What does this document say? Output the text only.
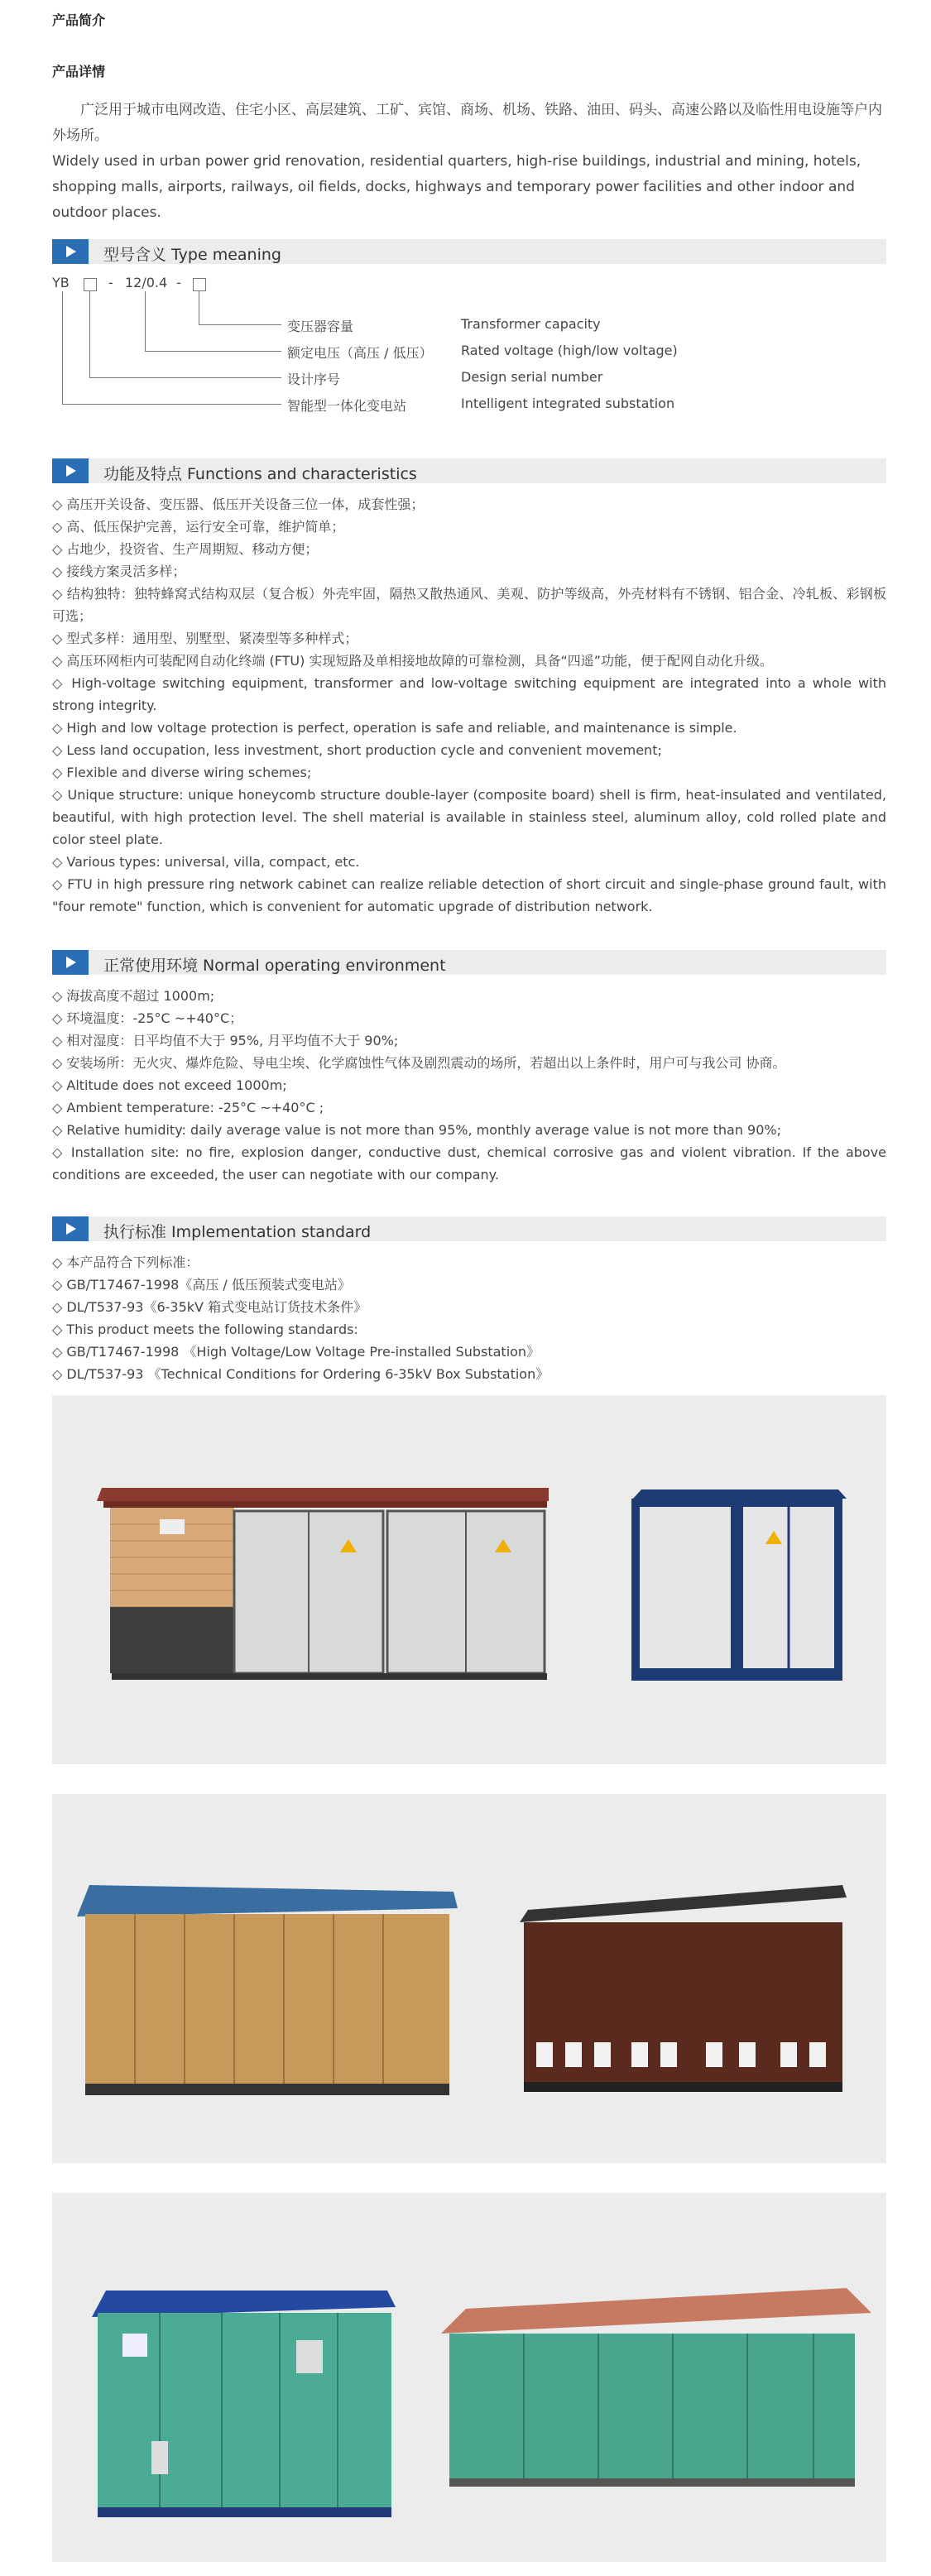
产品简介
产品详情

广泛用于城市电网改造、住宅小区、高层建筑、工矿、宾馆、商场、机场、铁路、油田、码头、高速公路以及临性用电设施等户内外场所。

Widely used in urban power grid renovation, residential quarters, high-rise buildings, industrial and mining, hotels, shopping malls, airports, railways, oil fields, docks, highways and temporary power facilities and other indoor and outdoor places.

型号含义 Type meaning
YB	- 12/0.4 -
变压器容量	Transformer capacity
额定电压（高压 / 低压） Rated voltage (high/low voltage)
设计序号	Design serial number
智能型一体化变电站	Intelligent integrated substation
功能及特点 Functions and characteristics

◇ 高压开关设备、变压器、低压开关设备三位一体，成套性强；

◇ 高、低压保护完善，运行安全可靠，维护简单；

◇ 占地少，投资省、生产周期短、移动方便；

◇ 接线方案灵活多样；

◇ 结构独特：独特蜂窝式结构双层（复合板）外壳牢固，隔热又散热通风、美观、防护等级高，外壳材料有不锈钢、铝合金、冷轧板、彩钢板可选；

◇ 型式多样：通用型、别墅型、紧凑型等多种样式；

◇ 高压环网柜内可装配网自动化终端 (FTU) 实现短路及单相接地故障的可靠检测，具备“四遥”功能，便于配网自动化升级。

◇ High-voltage switching equipment, transformer and low-voltage switching equipment are integrated into a whole with strong integrity.

◇ High and low voltage protection is perfect, operation is safe and reliable, and maintenance is simple.

◇ Less land occupation, less investment, short production cycle and convenient movement;

◇ Flexible and diverse wiring schemes;

◇ Unique structure: unique honeycomb structure double-layer (composite board) shell is firm, heat-insulated and ventilated, beautiful, with high protection level. The shell material is available in stainless steel, aluminum alloy, cold rolled plate and color steel plate.

◇ Various types: universal, villa, compact, etc.

◇ FTU in high pressure ring network cabinet can realize reliable detection of short circuit and single-phase ground fault, with "four remote" function, which is convenient for automatic upgrade of distribution network.

正常使用环境 Normal operating environment

◇ 海拔高度不超过 1000m;

◇ 环境温度：-25°C ~+40°C；

◇ 相对湿度：日平均值不大于 95%, 月平均值不大于 90%;

◇ 安装场所：无火灾、爆炸危险、导电尘埃、化学腐蚀性气体及剧烈震动的场所，若超出以上条件时，用户可与我公司 协商。

◇ Altitude does not exceed 1000m;

◇ Ambient temperature: -25°C ~+40°C ;

◇ Relative humidity: daily average value is not more than 95%, monthly average value is not more than 90%;

◇ Installation site: no fire, explosion danger, conductive dust, chemical corrosive gas and violent vibration. If the above conditions are exceeded, the user can negotiate with our company.

执行标准 Implementation standard

◇ 本产品符合下列标准：

◇ GB/T17467-1998《高压 / 低压预装式变电站》

◇ DL/T537-93《6-35kV 箱式变电站订货技术条件》

◇ This product meets the following standards:

◇ GB/T17467-1998 《High Voltage/Low Voltage Pre-installed Substation》

◇ DL/T537-93 《Technical Conditions for Ordering 6-35kV Box Substation》
